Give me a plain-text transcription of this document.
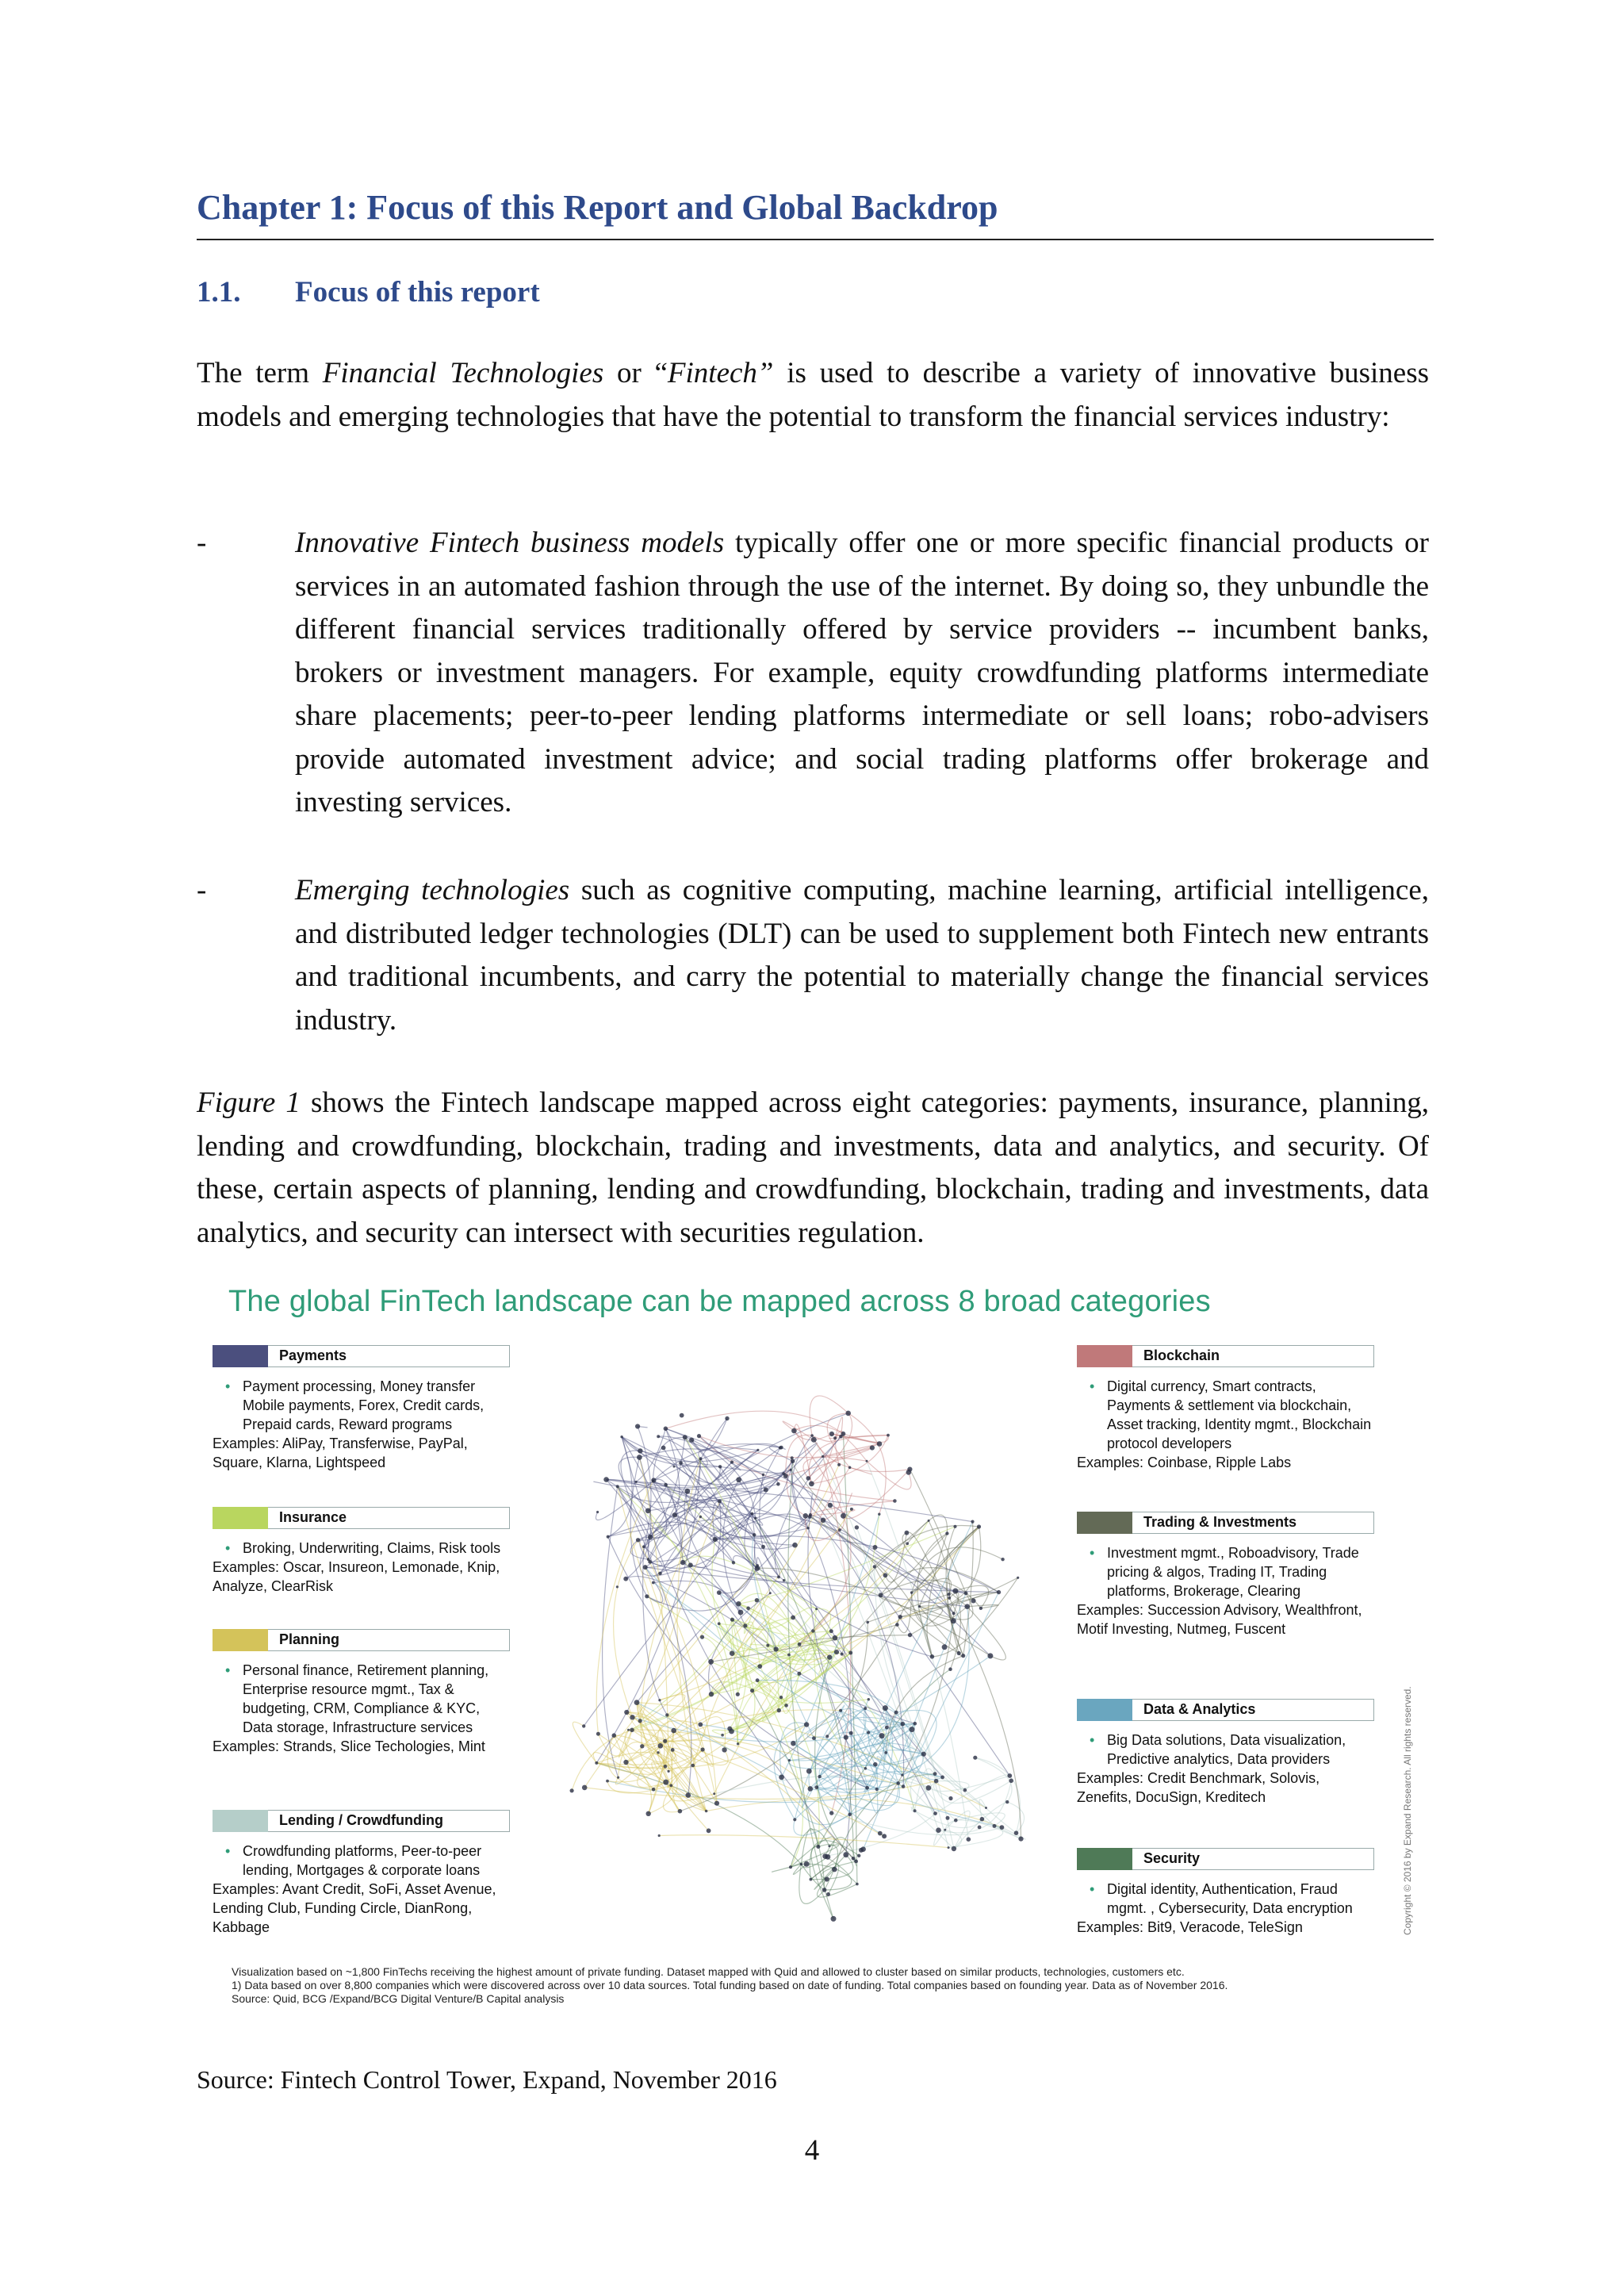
Chapter 1: Focus of this Report and Global Backdrop
1.1.	Focus of this report
The term Financial Technologies or “Fintech” is used to describe a variety of innovative business models and emerging technologies that have the potential to transform the financial services industry:
-	Innovative Fintech business models typically offer one or more specific financial products or services in an automated fashion through the use of the internet. By doing so, they unbundle the different financial services traditionally offered by service providers -- incumbent banks, brokers or investment managers. For example, equity crowdfunding platforms intermediate share placements; peer-to-peer lending platforms intermediate or sell loans; robo-advisers provide automated investment advice; and social trading platforms offer brokerage and investing services.
-	Emerging technologies such as cognitive computing, machine learning, artificial intelligence, and distributed ledger technologies (DLT) can be used to supplement both Fintech new entrants and traditional incumbents, and carry the potential to materially change the financial services industry.
Figure 1 shows the Fintech landscape mapped across eight categories: payments, insurance, planning, lending and crowdfunding, blockchain, trading and investments, data and analytics, and security. Of these, certain aspects of planning, lending and crowdfunding, blockchain, trading and investments, data analytics, and security can intersect with securities regulation.
The global FinTech landscape can be mapped across 8 broad categories
Payments
• Payment processing, Money transfer Mobile payments, Forex, Credit cards, Prepaid cards, Reward programs
Examples: AliPay, Transferwise, PayPal, Square, Klarna, Lightspeed
Insurance
• Broking, Underwriting, Claims, Risk tools
Examples: Oscar, Insureon, Lemonade, Knip, Analyze, ClearRisk
Planning
• Personal finance, Retirement planning, Enterprise resource mgmt., Tax & budgeting, CRM, Compliance & KYC, Data storage, Infrastructure services
Examples: Strands, Slice Techologies, Mint
Lending / Crowdfunding
• Crowdfunding platforms, Peer-to-peer lending, Mortgages & corporate loans
Examples: Avant Credit, SoFi, Asset Avenue, Lending Club, Funding Circle, DianRong, Kabbage
Blockchain
• Digital currency, Smart contracts, Payments & settlement via blockchain, Asset tracking, Identity mgmt., Blockchain protocol developers
Examples: Coinbase, Ripple Labs
Trading & Investments
• Investment mgmt., Roboadvisory, Trade pricing & algos, Trading IT, Trading platforms, Brokerage, Clearing
Examples: Succession Advisory, Wealthfront, Motif Investing, Nutmeg, Fuscent
Data & Analytics
• Big Data solutions, Data visualization, Predictive analytics, Data providers
Examples: Credit Benchmark, Solovis, Zenefits, DocuSign, Kreditech
Security
• Digital identity, Authentication, Fraud mgmt. , Cybersecurity, Data encryption
Examples: Bit9, Veracode, TeleSign	Copyright © 2016 by Expand Research. All rights reserved.
Visualization based on ~1,800 FinTechs receiving the highest amount of private funding. Dataset mapped with Quid and allowed to cluster based on similar products, technologies, customers etc.
1) Data based on over 8,800 companies which were discovered across over 10 data sources. Total funding based on date of funding. Total companies based on founding year. Data as of November 2016.
Source: Quid, BCG /Expand/BCG Digital Venture/B Capital analysis
Source: Fintech Control Tower, Expand, November 2016
4
